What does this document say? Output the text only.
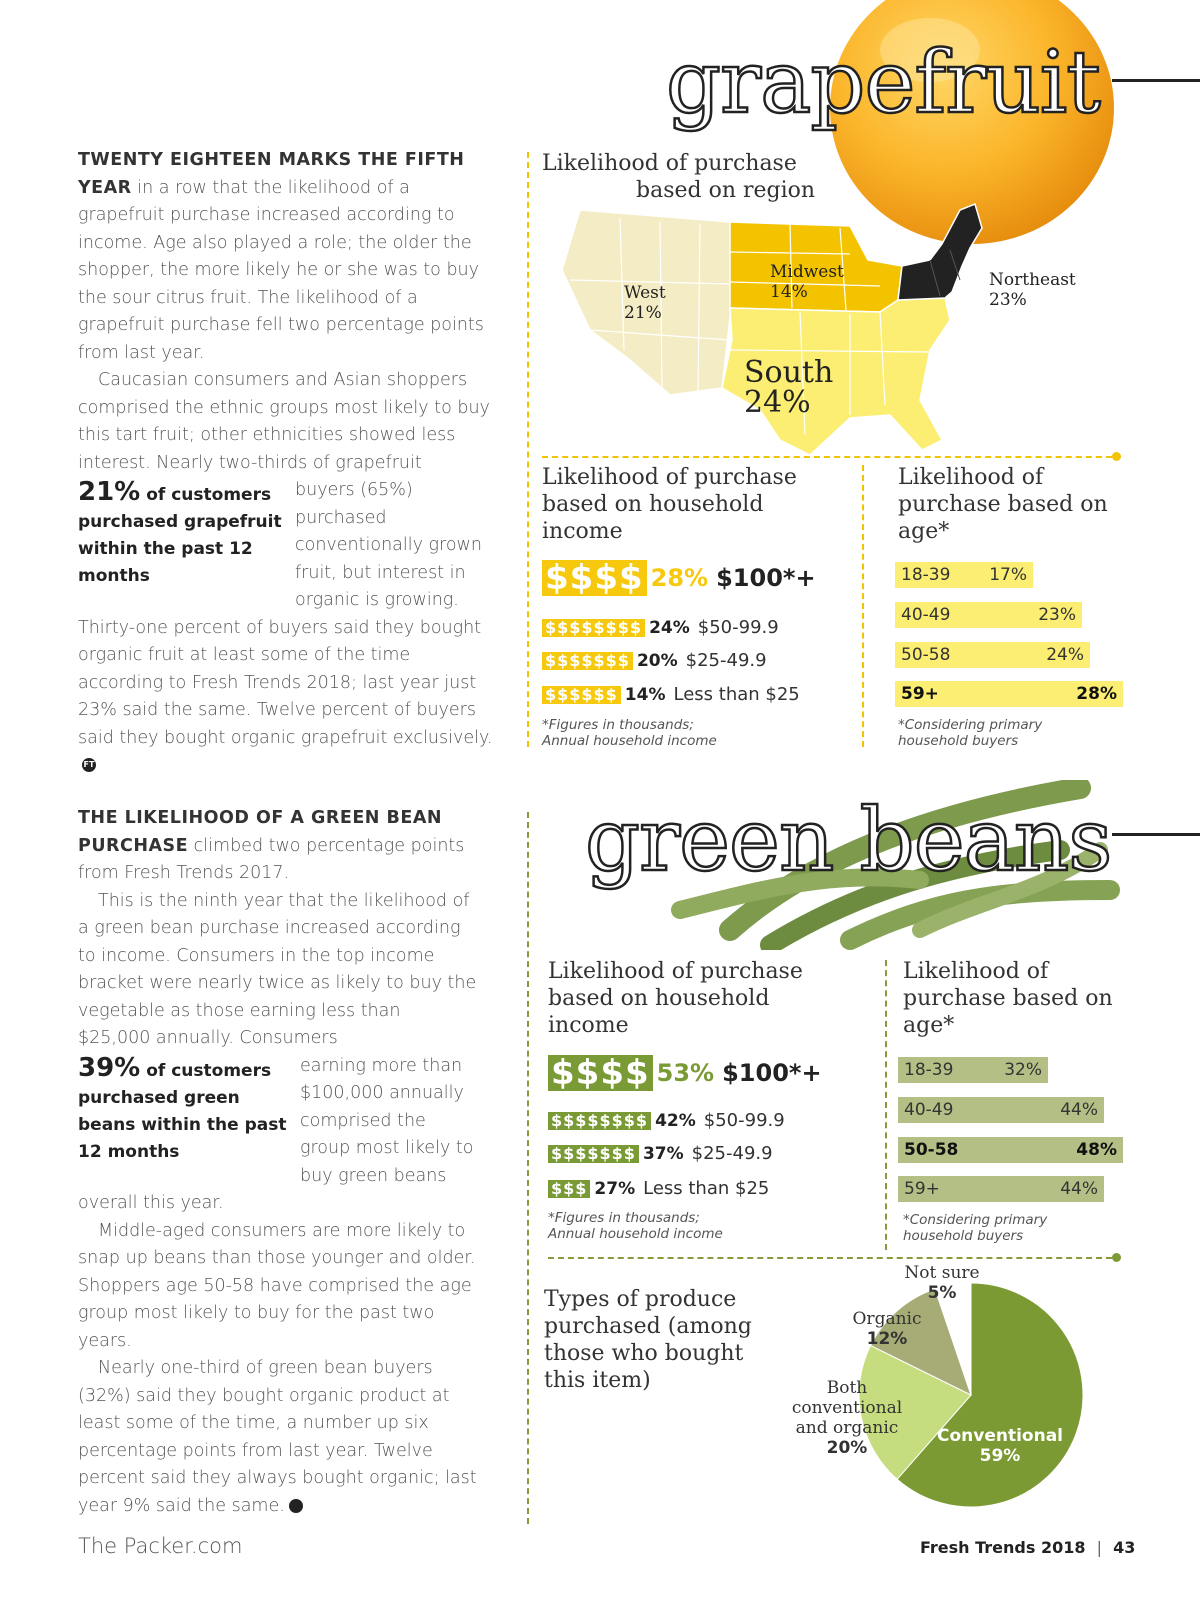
grapefruit

TWENTY EIGHTEEN MARKS THE FIFTH YEAR in a row that the likelihood of a grapefruit purchase increased according to income. Age also played a role; the older the shopper, the more likely he or she was to buy the sour citrus fruit. The likelihood of a grapefruit purchase fell two percentage points from last year.

Caucasian consumers and Asian shoppers comprised the ethnic groups most likely to buy this tart fruit; other ethnicities showed less interest. Nearly two-thirds of grapefruit

21% of customers purchased grapefruit within the past 12 months

buyers (65%) purchased conventionally grown fruit, but interest in organic is growing. Thirty-one percent of buyers said they bought organic fruit at least some of the time according to Fresh Trends 2018; last year just 23% said the same. Twelve percent of buyers said they bought organic grapefruit exclusively.FT

Likelihood of purchase
based on region
West
21%
Midwest
14%
Northeast
23%
South
24%
Likelihood of purchase based on household income
$$$$ 28% $100*+
$$$$$$$$ 24% $50-99.9
$$$$$$$ 20% $25-49.9
$$$$$$ 14% Less than $25
*Figures in thousands;
Annual household income
Likelihood of purchase based on age*
18-39 17%
40-49	23%
50-58	24%
59+	28%
*Considering primary
household buyers
green beans

THE LIKELIHOOD OF A GREEN BEAN PURCHASE climbed two percentage points from Fresh Trends 2017.

This is the ninth year that the likelihood of a green bean purchase increased according to income. Consumers in the top income bracket were nearly twice as likely to buy the vegetable as those earning less than $25,000 annually. Consumers

39% of customers purchased green beans within the past 12 months

earning more than $100,000 annually comprised the group most likely to buy green beans overall this year.

Middle-aged consumers are more likely to snap up beans than those younger and older. Shoppers age 50-58 have comprised the age group most likely to buy for the past two years.

Nearly one-third of green bean buyers (32%) said they bought organic product at least some of the time, a number up six percentage points from last year. Twelve percent said they always bought organic; last year 9% said the same.	FT

Likelihood of purchase based on household income
$$$$ 53% $100*+
$$$$$$$$ 42% $50-99.9
$$$$$$$ 37% $25-49.9
$$$ 27% Less than $25
*Figures in thousands;
Annual household income
Likelihood of purchase based on age*
18-39	32%
40-49	44%
50-58	48%
59+	44%
*Considering primary
household buyers
Types of produce purchased (among those who bought this item)
Not sure
5%
Organic
12%
Both
conventional
and organic
20%
Conventional
59%
The Packer.com	Fresh Trends 2018 | 43
